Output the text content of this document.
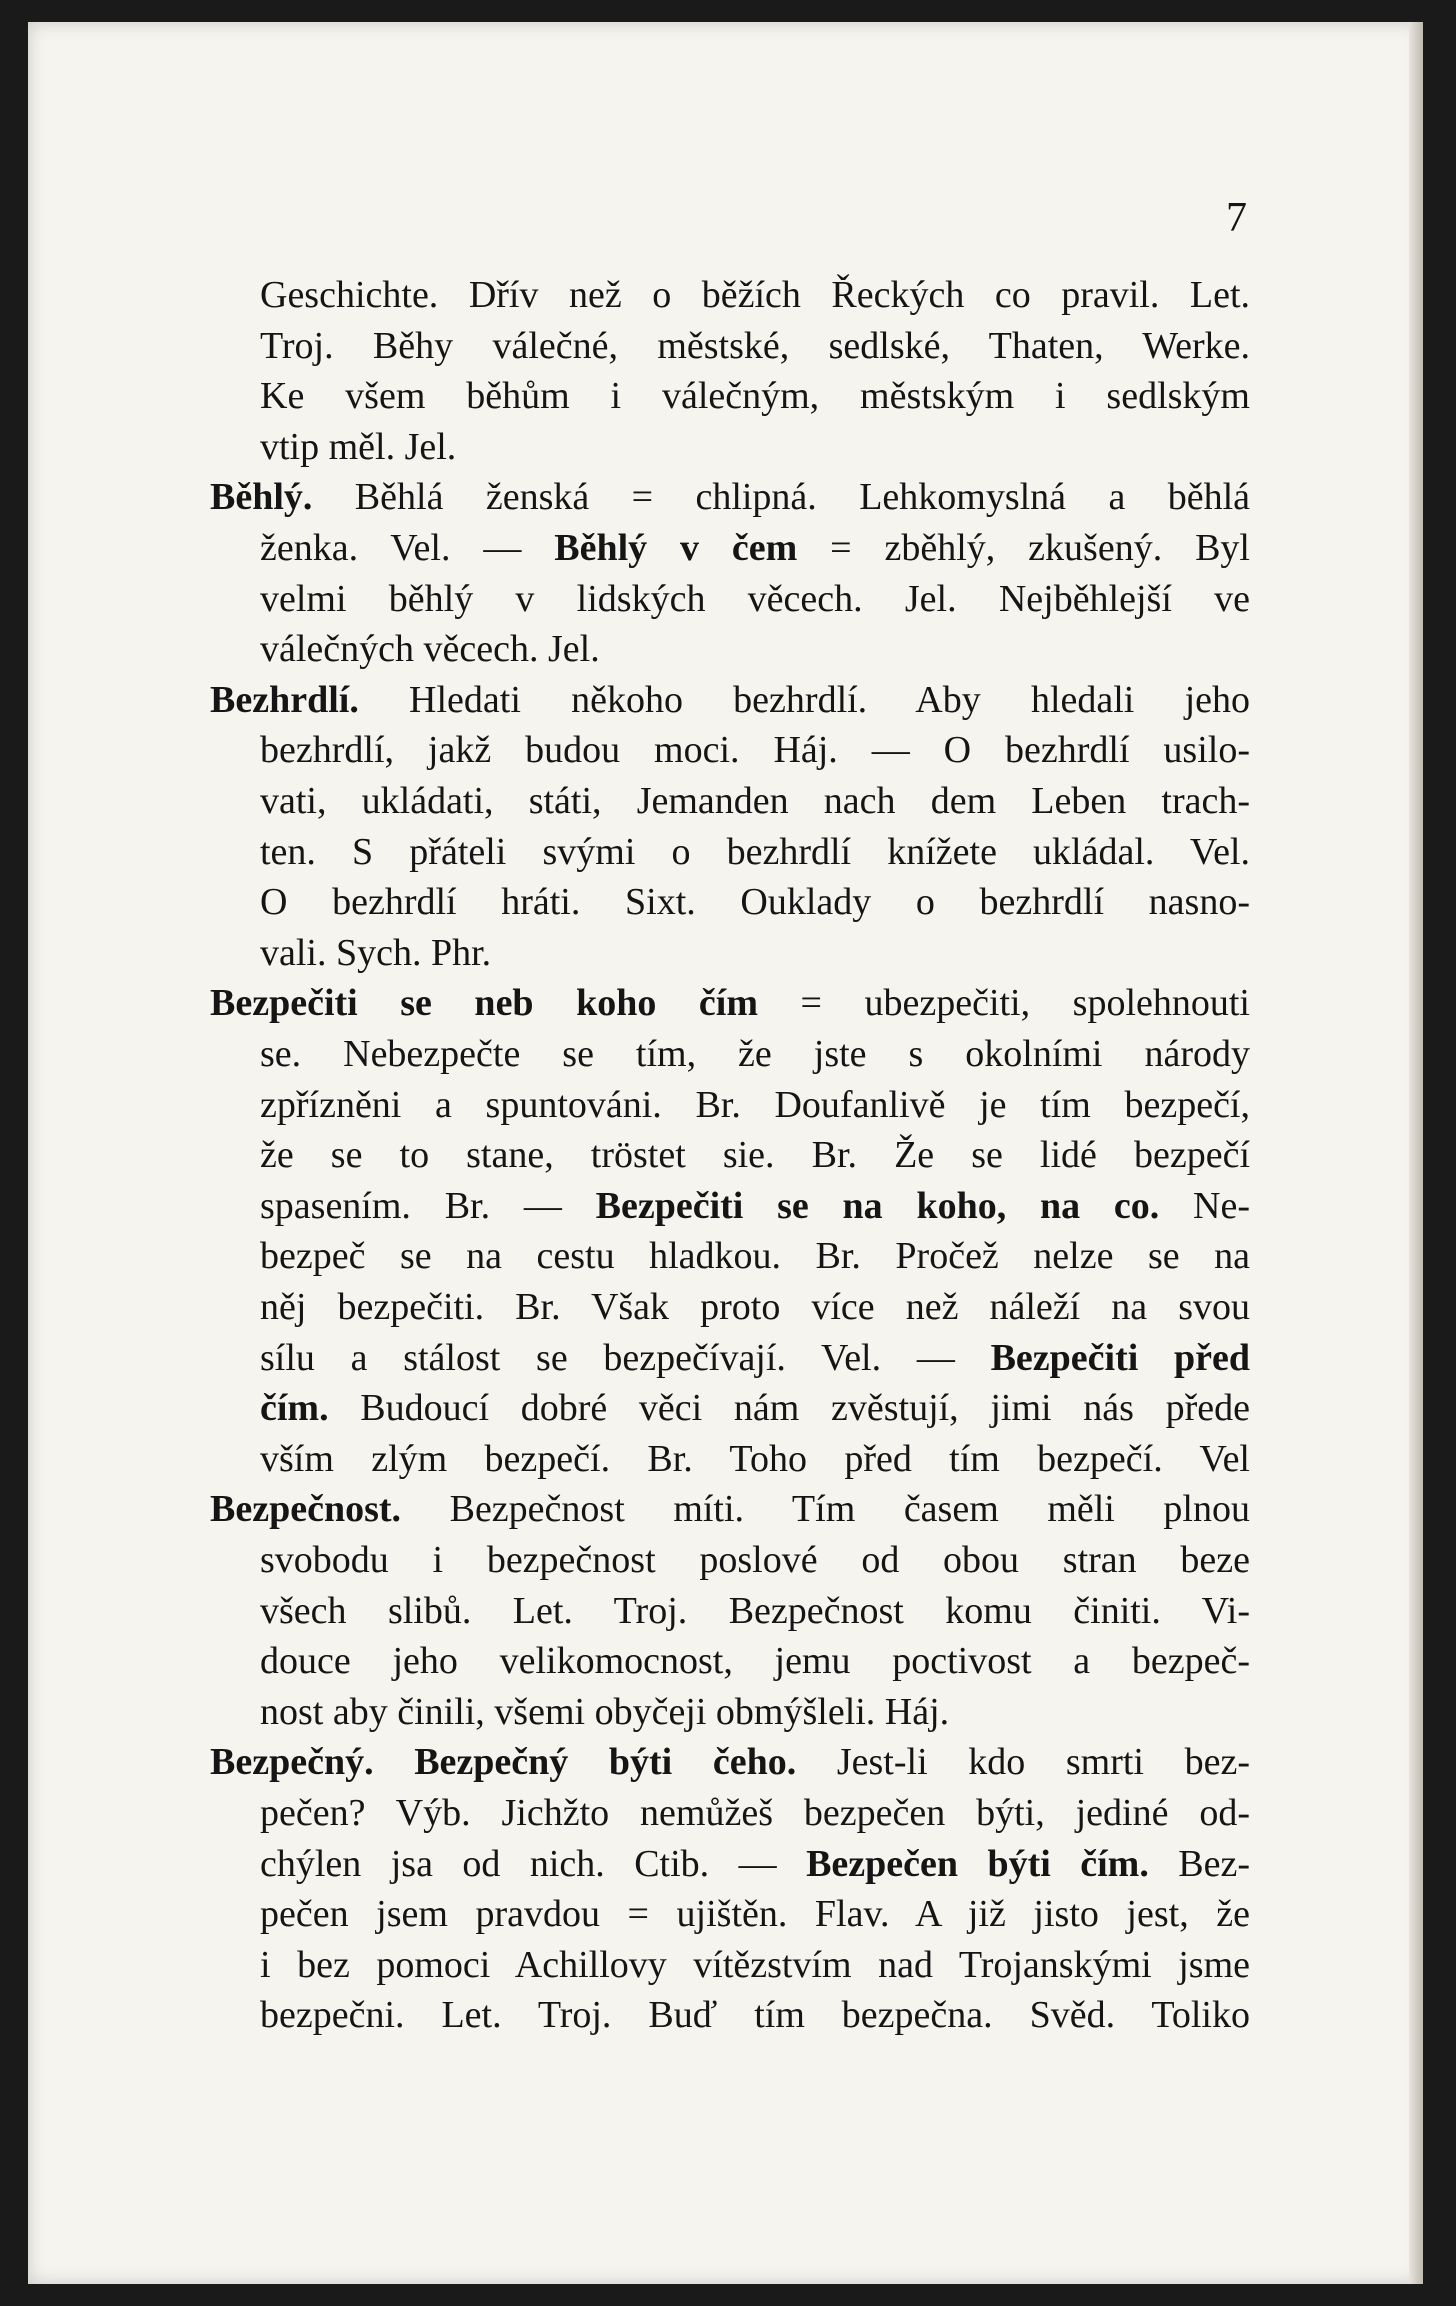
7
Geschichte. Dřív než o běžích Řeckých co pravil. Let.
Troj. Běhy válečné, městské, sedlské, Thaten, Werke.
Ke všem běhům i válečným, městským i sedlským
vtip měl. Jel.
Běhlý. Běhlá ženská = chlipná. Lehkomyslná a běhlá
ženka. Vel. — Běhlý v čem = zběhlý, zkušený. Byl
velmi běhlý v lidských věcech. Jel. Nejběhlejší ve
válečných věcech. Jel.
Bezhrdlí. Hledati někoho bezhrdlí. Aby hledali jeho
bezhrdlí, jakž budou moci. Háj. — O bezhrdlí usilo-
vati, ukládati, státi, Jemanden nach dem Leben trach-
ten. S přáteli svými o bezhrdlí knížete ukládal. Vel.
O bezhrdlí hráti. Sixt. Ouklady o bezhrdlí nasno-
vali. Sych. Phr.
Bezpečiti se neb koho čím = ubezpečiti, spolehnouti
se. Nebezpečte se tím, že jste s okolními národy
zpřízněni a spuntováni. Br. Doufanlivě je tím bezpečí,
že se to stane, tröstet sie. Br. Že se lidé bezpečí
spasením. Br. — Bezpečiti se na koho, na co. Ne-
bezpeč se na cestu hladkou. Br. Pročež nelze se na
něj bezpečiti. Br. Však proto více než náleží na svou
sílu a stálost se bezpečívají. Vel. — Bezpečiti před
čím. Budoucí dobré věci nám zvěstují, jimi nás přede
vším zlým bezpečí. Br. Toho před tím bezpečí. Vel
Bezpečnost. Bezpečnost míti. Tím časem měli plnou
svobodu i bezpečnost poslové od obou stran beze
všech slibů. Let. Troj. Bezpečnost komu činiti. Vi-
douce jeho velikomocnost, jemu poctivost a bezpeč-
nost aby činili, všemi obyčeji obmýšleli. Háj.
Bezpečný. Bezpečný býti čeho. Jest-li kdo smrti bez-
pečen? Výb. Jichžto nemůžeš bezpečen býti, jediné od-
chýlen jsa od nich. Ctib. — Bezpečen býti čím. Bez-
pečen jsem pravdou = ujištěn. Flav. A již jisto jest, že
i bez pomoci Achillovy vítězstvím nad Trojanskými jsme
bezpečni. Let. Troj. Buď tím bezpečna. Svěd. Toliko
